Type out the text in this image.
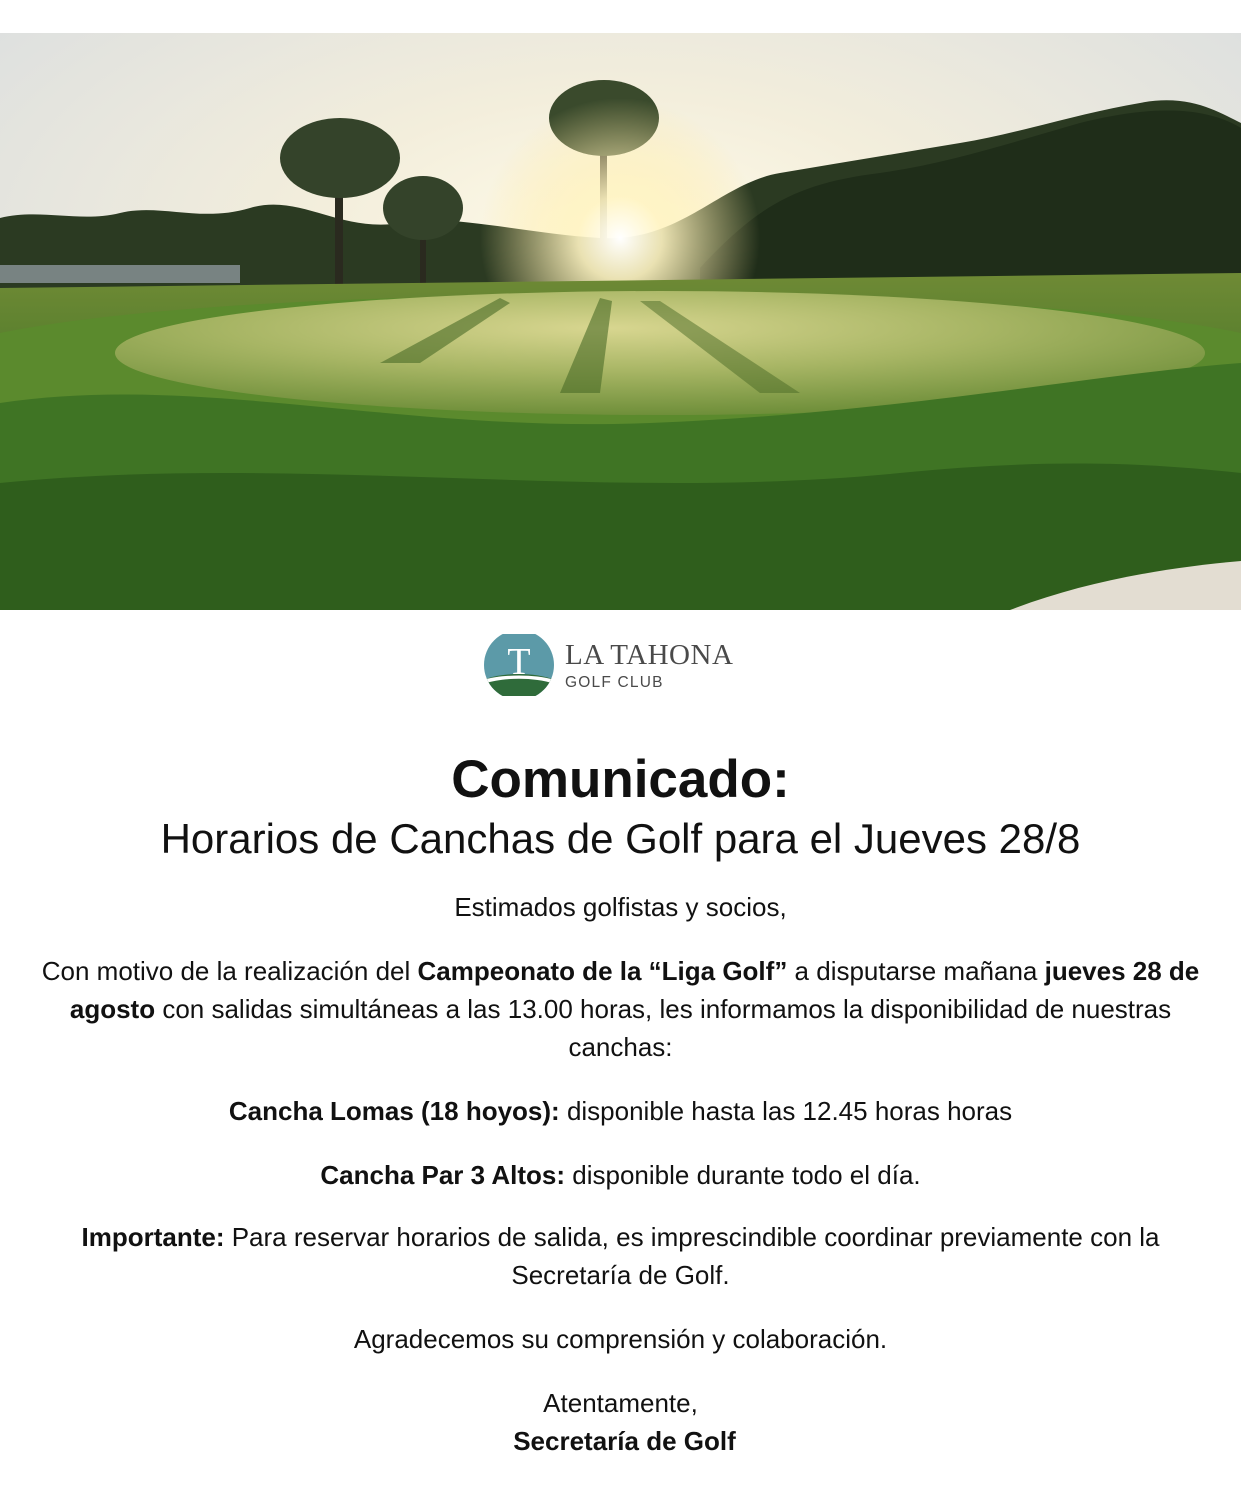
T LA TAHONA
GOLF CLUB

Comunicado:

Horarios de Canchas de Golf para el Jueves 28/8

Estimados golfistas y socios,

Con motivo de la realización del Campeonato de la “Liga Golf” a disputarse mañana jueves 28 de agosto con salidas simultáneas a las 13.00 horas, les informamos la disponibilidad de nuestras canchas:

Cancha Lomas (18 hoyos): disponible hasta las 12.45 horas horas

Cancha Par 3 Altos: disponible durante todo el día.

Importante: Para reservar horarios de salida, es imprescindible coordinar previamente con la Secretaría de Golf.

Agradecemos su comprensión y colaboración.

Atentamente,

Secretaría de Golf
